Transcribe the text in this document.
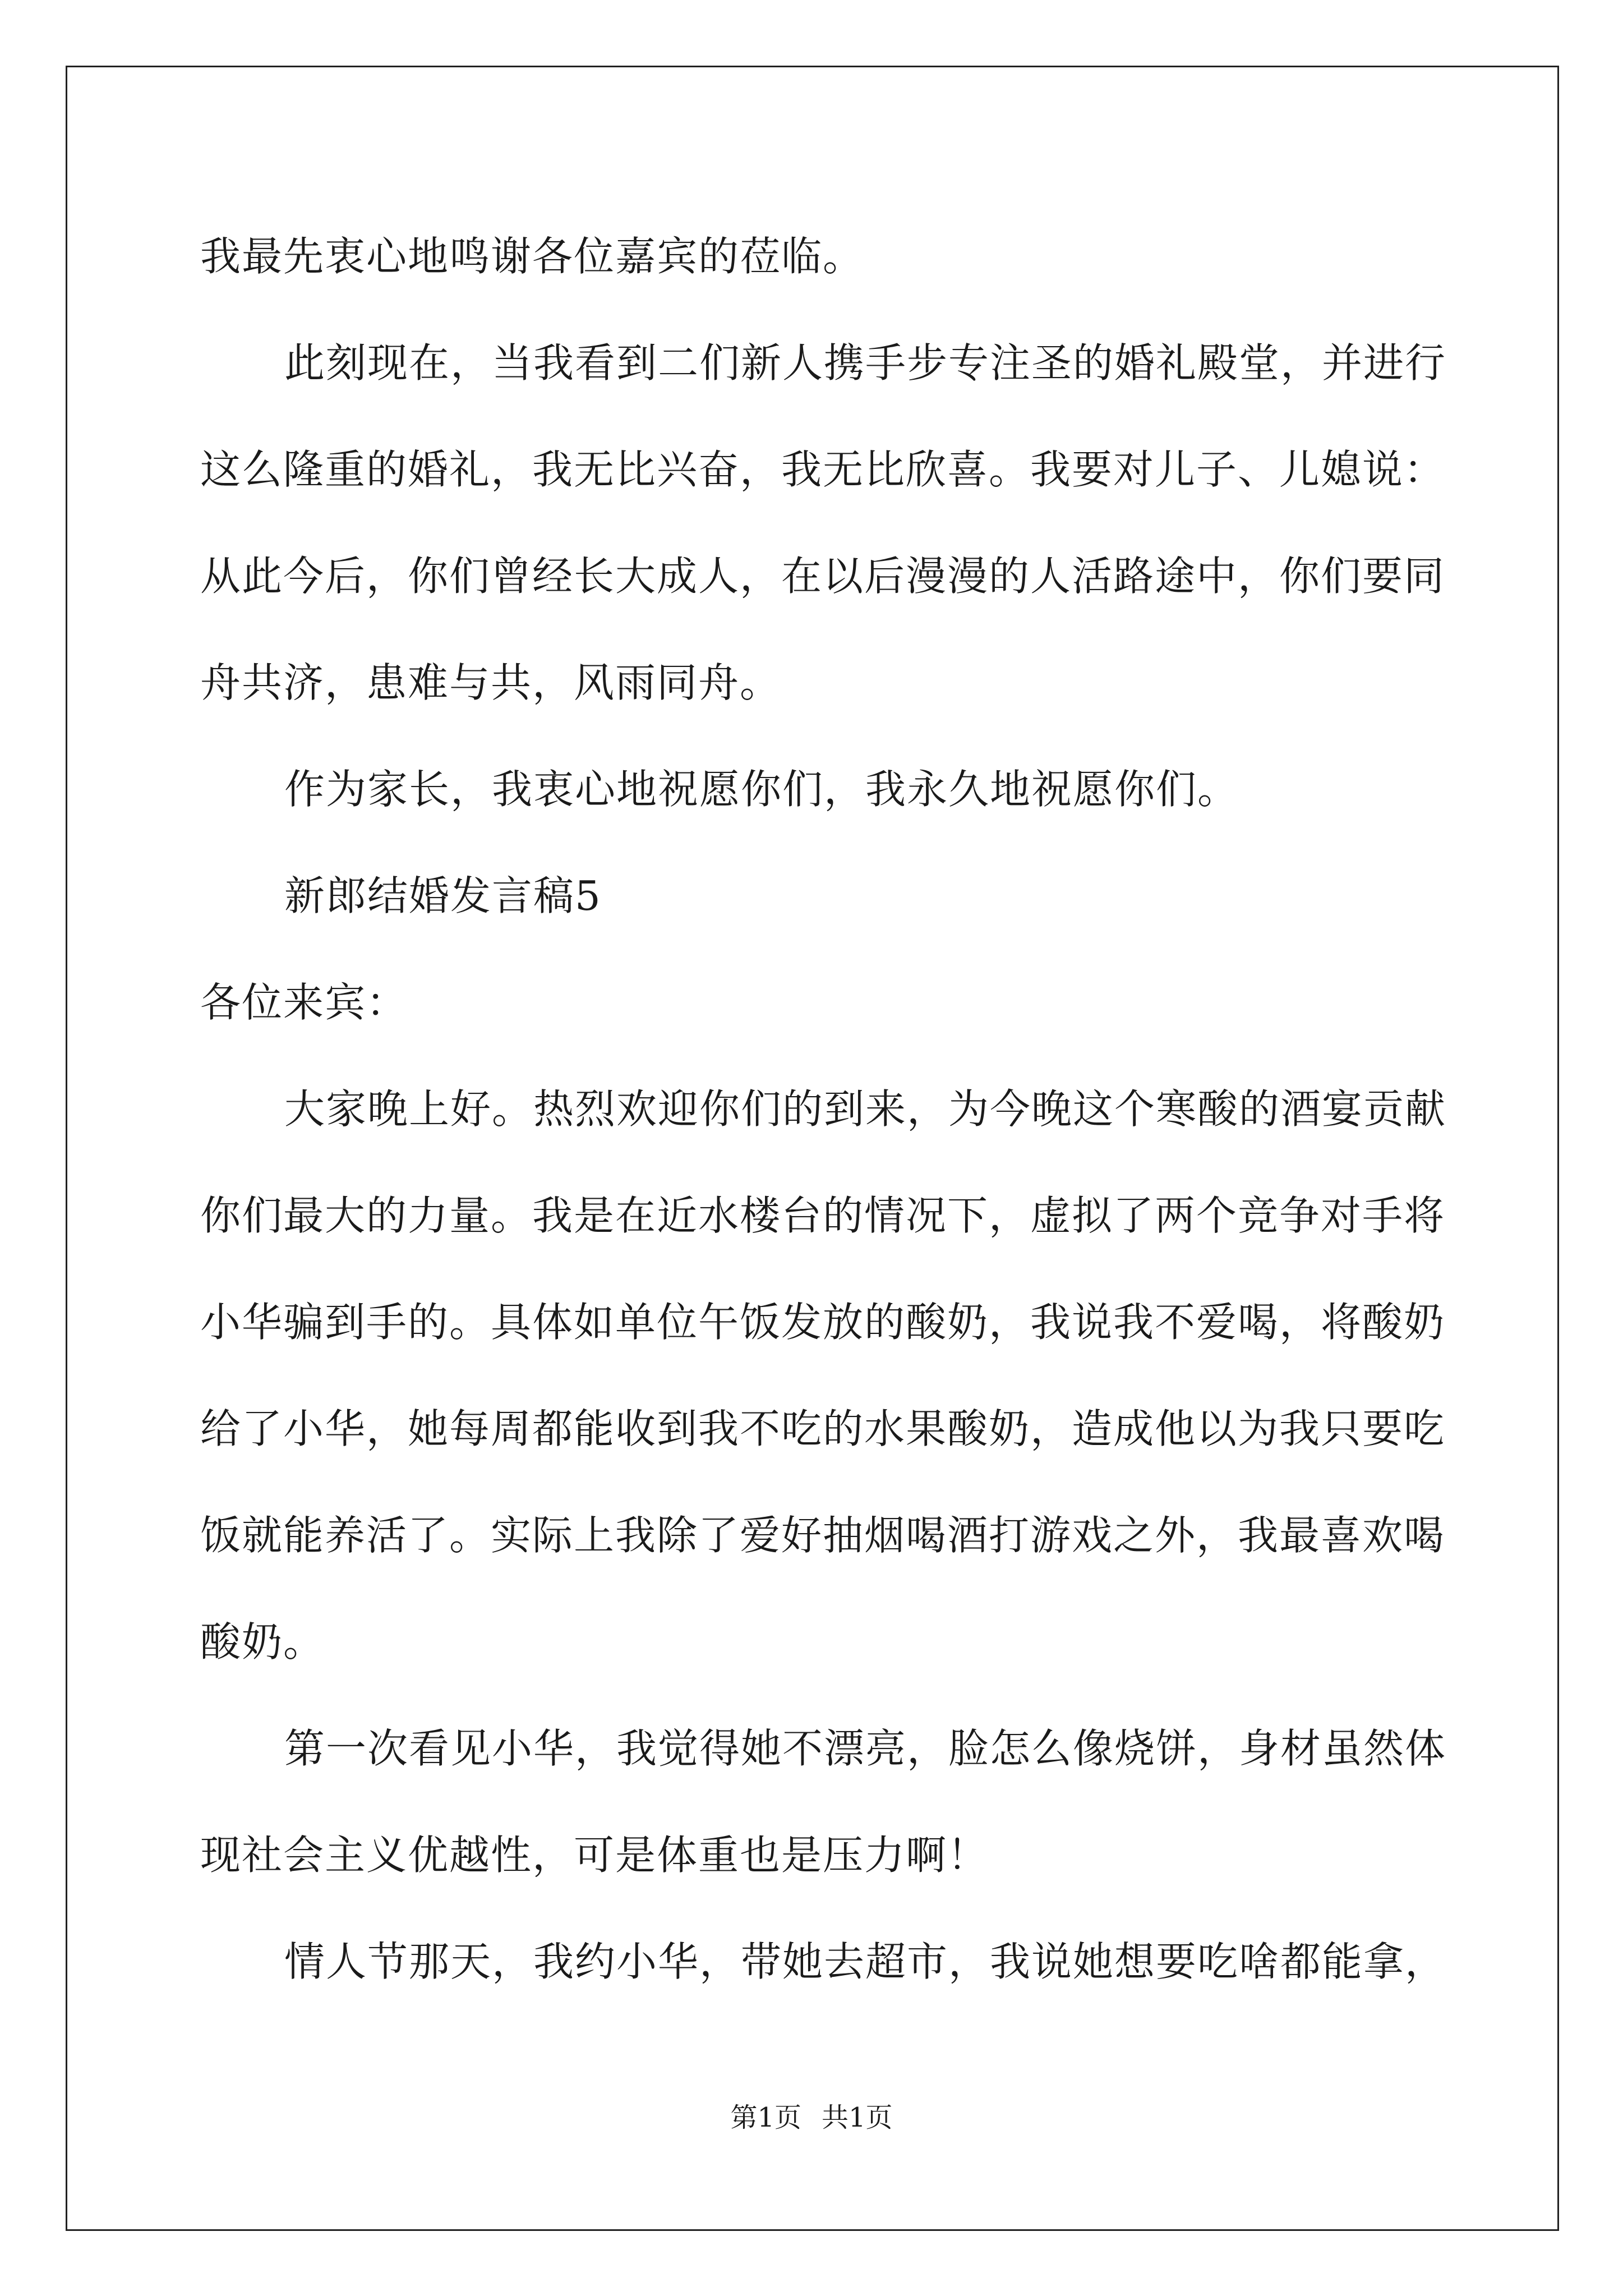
我最先衷心地鸣谢各位嘉宾的莅临。
此刻现在，当我看到二们新人携手步专注圣的婚礼殿堂，并进行
这么隆重的婚礼，我无比兴奋，我无比欣喜。我要对儿子、儿媳说：
从此今后，你们曾经长大成人，在以后漫漫的人活路途中，你们要同
舟共济，患难与共，风雨同舟。
作为家长，我衷心地祝愿你们，我永久地祝愿你们。
新郎结婚发言稿5
各位来宾：
大家晚上好。热烈欢迎你们的到来，为今晚这个寒酸的酒宴贡献
你们最大的力量。我是在近水楼台的情况下，虚拟了两个竞争对手将
小华骗到手的。具体如单位午饭发放的酸奶，我说我不爱喝，将酸奶
给了小华，她每周都能收到我不吃的水果酸奶，造成他以为我只要吃
饭就能养活了。实际上我除了爱好抽烟喝酒打游戏之外，我最喜欢喝
酸奶。
第一次看见小华，我觉得她不漂亮，脸怎么像烧饼，身材虽然体
现社会主义优越性，可是体重也是压力啊！
情人节那天，我约小华，带她去超市，我说她想要吃啥都能拿，
第1页 共1页
